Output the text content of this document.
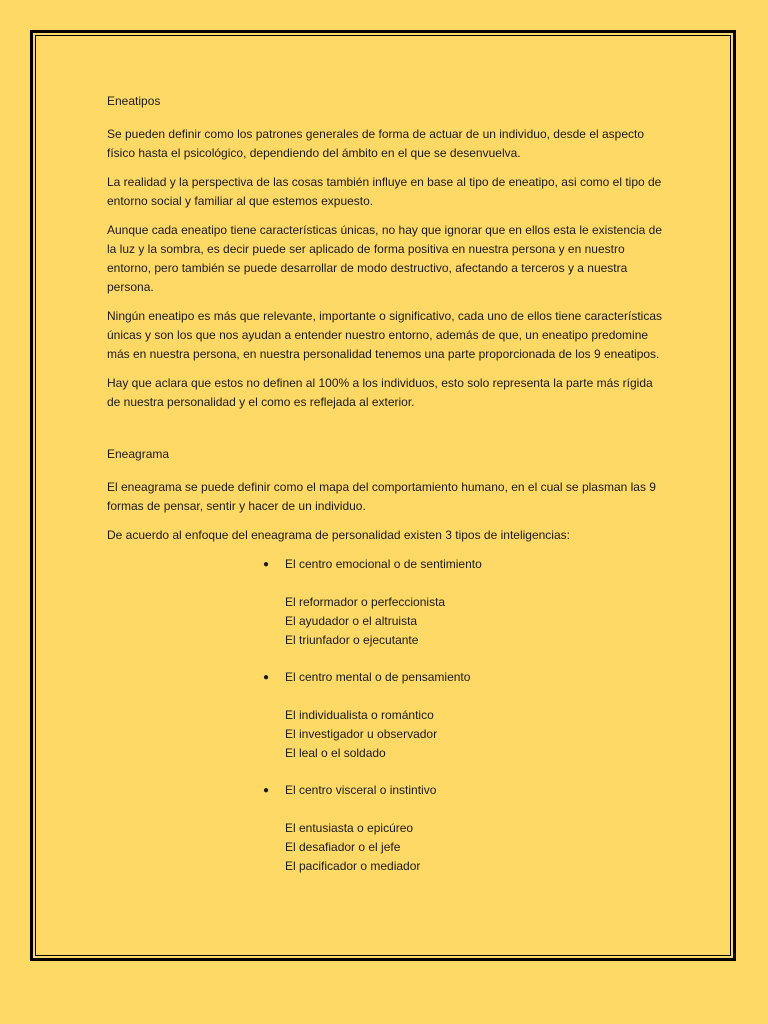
Eneatipos

Se pueden definir como los patrones generales de forma de actuar de un individuo, desde el aspecto físico hasta el psicológico, dependiendo del ámbito en el que se desenvuelva.

La realidad y la perspectiva de las cosas también influye en base al tipo de eneatipo, asi como el tipo de entorno social y familiar al que estemos expuesto.

Aunque cada eneatipo tiene características únicas, no hay que ignorar que en ellos esta le existencia de la luz y la sombra, es decir puede ser aplicado de forma positiva en nuestra persona y en nuestro entorno, pero también se puede desarrollar de modo destructivo, afectando a terceros y a nuestra persona.

Ningún eneatipo es más que relevante, importante o significativo, cada uno de ellos tiene características únicas y son los que nos ayudan a entender nuestro entorno, además de que, un eneatipo predomine más en nuestra persona, en nuestra personalidad tenemos una parte proporcionada de los 9 eneatipos.

Hay que aclara que estos no definen al 100% a los individuos, esto solo representa la parte más rígida de nuestra personalidad y el como es reflejada al exterior.

Eneagrama

El eneagrama se puede definir como el mapa del comportamiento humano, en el cual se plasman las 9 formas de pensar, sentir y hacer de un individuo.

De acuerdo al enfoque del eneagrama de personalidad existen 3 tipos de inteligencias:

● El centro emocional o de sentimiento
El reformador o perfeccionista
El ayudador o el altruista
El triunfador o ejecutante
● El centro mental o de pensamiento
El individualista o romántico
El investigador u observador
El leal o el soldado
● El centro visceral o instintivo
El entusiasta o epicúreo
El desafiador o el jefe
El pacificador o mediador
